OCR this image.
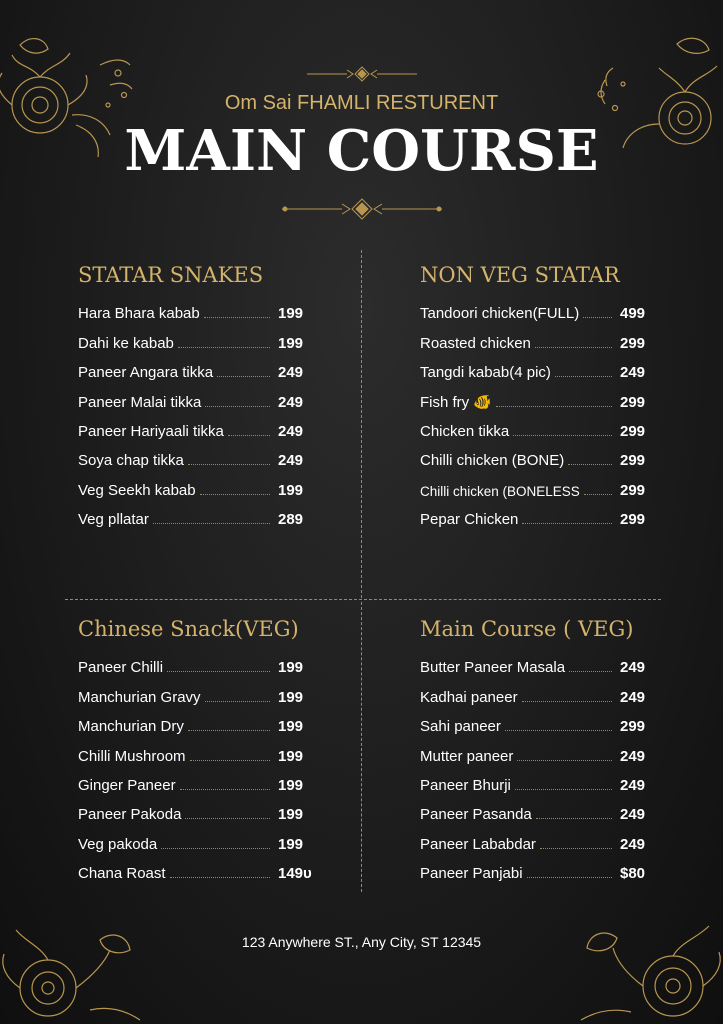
Om Sai FHAMLI RESTURENT
MAIN COURSE
STATAR SNAKES
Hara Bhara kabab	199
Dahi ke kabab	199
Paneer Angara tikka	249
Paneer Malai tikka	249
Paneer Hariyaali tikka	249
Soya chap tikka	249
Veg Seekh kabab	199
Veg pllatar	289
NON VEG STATAR
Tandoori chicken(FULL)	499
Roasted chicken	299
Tangdi kabab(4 pic)	249
Fish fry 🐠	299
Chicken tikka	299
Chilli chicken (BONE)	299
Chilli chicken (BONELESS	299
Pepar Chicken	299
Chinese Snack(VEG)
Paneer Chilli	199
Manchurian Gravy	199
Manchurian Dry	199
Chilli Mushroom	199
Ginger Paneer	199
Paneer Pakoda	199
Veg pakoda	199
Chana Roast	149υ
Main Course ( VEG)
Butter Paneer Masala	249
Kadhai paneer	249
Sahi paneer	299
Mutter paneer	249
Paneer Bhurji	249
Paneer Pasanda	249
Paneer Lababdar	249
Paneer Panjabi	$80
123 Anywhere ST., Any City, ST 12345
